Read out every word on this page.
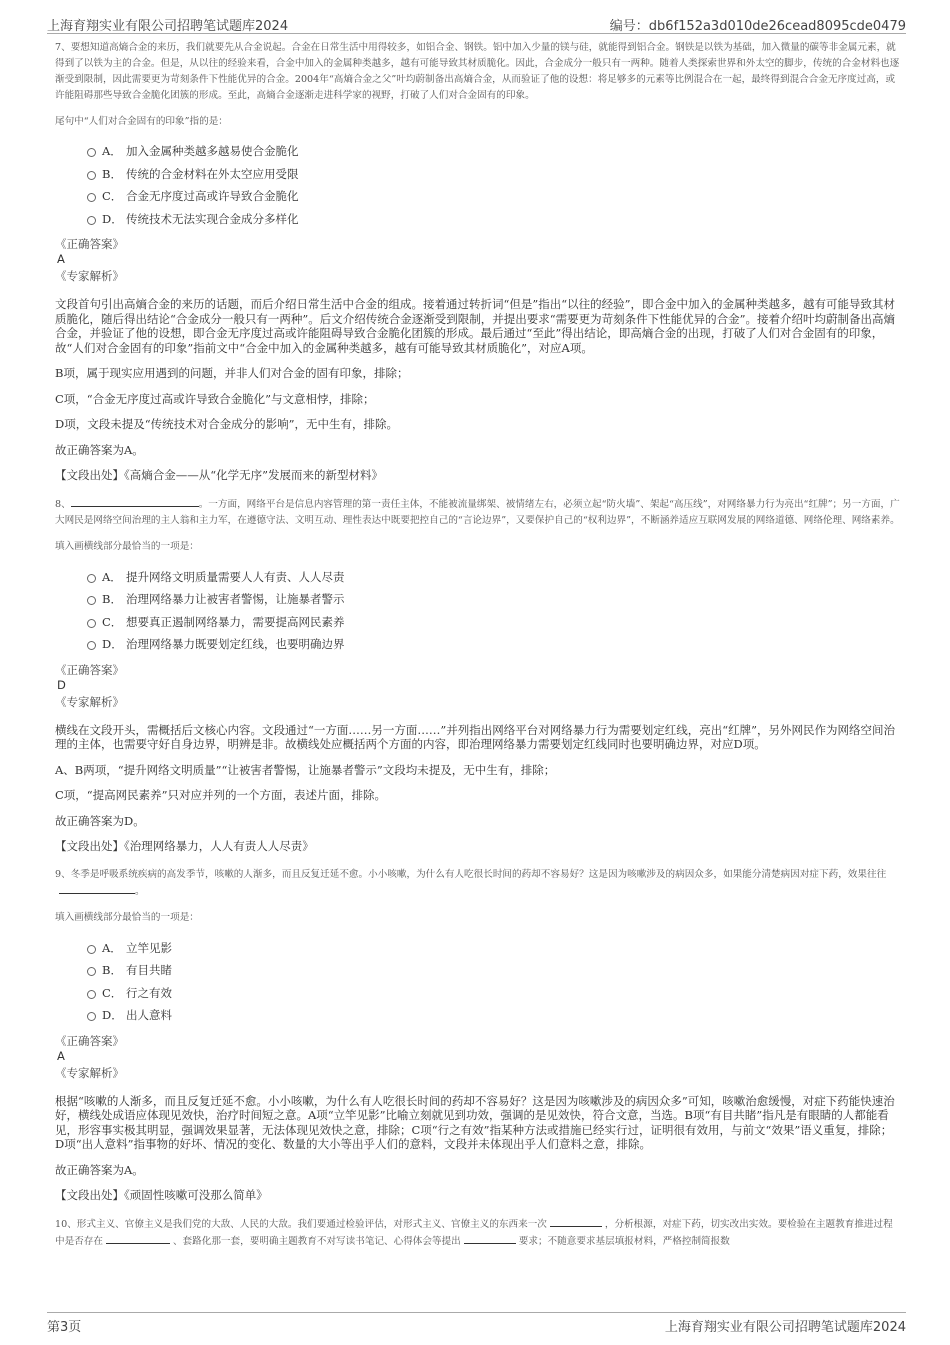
上海育翔实业有限公司招聘笔试题库2024	编号：db6f152a3d010de26cead8095cde0479

7、要想知道高熵合金的来历，我们就要先从合金说起。合金在日常生活中用得较多，如铝合金、钢铁。铝中加入少量的镁与硅，就能得到铝合金。钢铁是以铁为基础，加入微量的碳等非金属元素，就得到了以铁为主的合金。但是，从以往的经验来看，合金中加入的金属种类越多，越有可能导致其材质脆化。因此，合金成分一般只有一两种。随着人类探索世界和外太空的脚步，传统的合金材料也逐渐受到限制，因此需要更为苛刻条件下性能优异的合金。2004年“高熵合金之父”叶均蔚制备出高熵合金，从而验证了他的设想：将足够多的元素等比例混合在一起，最终得到混合合金无序度过高，或许能阻碍那些导致合金脆化团簇的形成。至此，高熵合金逐渐走进科学家的视野，打破了人们对合金固有的印象。

尾句中“人们对合金固有的印象”指的是：

A． 加入金属种类越多越易使合金脆化
B． 传统的合金材料在外太空应用受限
C． 合金无序度过高或许导致合金脆化
D． 传统技术无法实现合金成分多样化
《正确答案》
A
《专家解析》

文段首句引出高熵合金的来历的话题，而后介绍日常生活中合金的组成。接着通过转折词“但是”指出“以往的经验”，即合金中加入的金属种类越多，越有可能导致其材质脆化，随后得出结论“合金成分一般只有一两种”。后文介绍传统合金逐渐受到限制，并提出要求“需要更为苛刻条件下性能优异的合金”。接着介绍叶均蔚制备出高熵合金，并验证了他的设想，即合金无序度过高或许能阻碍导致合金脆化团簇的形成。最后通过“至此”得出结论，即高熵合金的出现，打破了人们对合金固有的印象，故“人们对合金固有的印象”指前文中“合金中加入的金属种类越多，越有可能导致其材质脆化”，对应A项。

B项，属于现实应用遇到的问题，并非人们对合金的固有印象，排除；

C项，“合金无序度过高或许导致合金脆化”与文意相悖，排除；

D项，文段未提及“传统技术对合金成分的影响”，无中生有，排除。

故正确答案为A。

【文段出处】《高熵合金——从“化学无序”发展而来的新型材料》

8、	。一方面，网络平台是信息内容管理的第一责任主体，不能被流量绑架、被情绪左右，必须立起“防火墙”、架起“高压线”，对网络暴力行为亮出“红牌”；另一方面，广大网民是网络空间治理的主人翁和主力军，在遵德守法、文明互动、理性表达中既要把控自己的“言论边界”，又要保护自己的“权利边界”，不断涵养适应互联网发展的网络道德、网络伦理、网络素养。

填入画横线部分最恰当的一项是：

A． 提升网络文明质量需要人人有责、人人尽责
B． 治理网络暴力让被害者警惕，让施暴者警示
C． 想要真正遏制网络暴力，需要提高网民素养
D． 治理网络暴力既要划定红线，也要明确边界
《正确答案》
D
《专家解析》

横线在文段开头，需概括后文核心内容。文段通过“一方面……另一方面……”并列指出网络平台对网络暴力行为需要划定红线，亮出“红牌”，另外网民作为网络空间治理的主体，也需要守好自身边界，明辨是非。故横线处应概括两个方面的内容，即治理网络暴力需要划定红线同时也要明确边界，对应D项。

A、B两项，“提升网络文明质量”“让被害者警惕，让施暴者警示”文段均未提及，无中生有，排除；

C项，“提高网民素养”只对应并列的一个方面，表述片面，排除。

故正确答案为D。

【文段出处】《治理网络暴力，人人有责人人尽责》

9、冬季是呼吸系统疾病的高发季节，咳嗽的人渐多，而且反复迁延不愈。小小咳嗽，为什么有人吃很长时间的药却不容易好？这是因为咳嗽涉及的病因众多，如果能分清楚病因对症下药，效果往往。

填入画横线部分最恰当的一项是：

A． 立竿见影
B． 有目共睹
C． 行之有效
D． 出人意料
《正确答案》
A
《专家解析》

根据“咳嗽的人渐多，而且反复迁延不愈。小小咳嗽，为什么有人吃很长时间的药却不容易好？这是因为咳嗽涉及的病因众多”可知，咳嗽治愈缓慢，对症下药能快速治好，横线处成语应体现见效快，治疗时间短之意。A项“立竿见影”比喻立刻就见到功效，强调的是见效快，符合文意，当选。B项“有目共睹”指凡是有眼睛的人都能看见，形容事实极其明显，强调效果显著，无法体现见效快之意，排除；C项“行之有效”指某种方法或措施已经实行过，证明很有效用，与前文“效果”语义重复，排除；D项“出人意料”指事物的好坏、情况的变化、数量的大小等出乎人们的意料，文段并未体现出乎人们意料之意，排除。

故正确答案为A。

【文段出处】《顽固性咳嗽可没那么简单》

10、形式主义、官僚主义是我们党的大敌、人民的大敌。我们要通过检验评估，对形式主义、官僚主义的东西来一次	，分析根源，对症下药，切实改出实效。要检验在主题教育推进过程中是否存在	、套路化那一套，要明确主题教育不对写读书笔记、心得体会等提出	要求；不随意要求基层填报材料，严格控制简报数

第3页	上海育翔实业有限公司招聘笔试题库2024
